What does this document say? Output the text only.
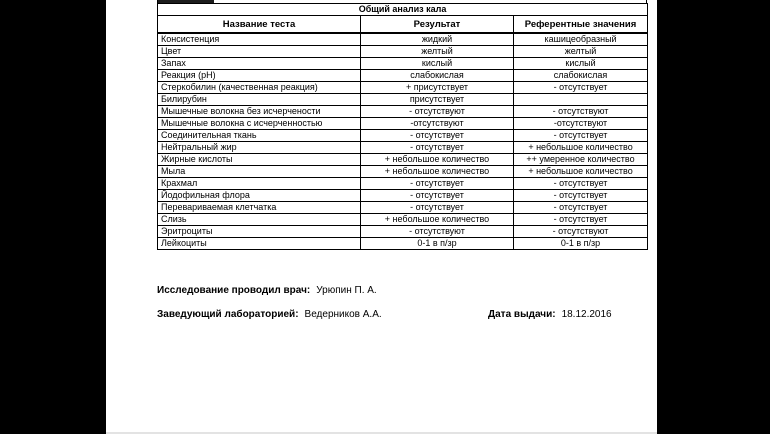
Общий анализ кала		
Название теста	Результат	Референтные значения
Консистенция	жидкий	кашицеобразный
Цвет	желтый	желтый
Запах	кислый	кислый
Реакция (pH)	слабокислая	слабокислая
Стеркобилин (качественная реакция)	+ присутствует	- отсутствует
Билирубин	присутствует	
Мышечные волокна без исчерчености	- отсутствуют	- отсутствуют
Мышечные волокна с исчерченностью	-отсутствуют	-отсутствуют
Соединительная ткань	- отсутствует	- отсутствует
Нейтральный жир	- отсутствует	+ небольшое количество
Жирные кислоты	+ небольшое количество	++ умеренное количество
Мыла	+ небольшое количество	+ небольшое количество
Крахмал	- отсутствует	- отсутствует
Йодофильная флора	- отсутствует	- отсутствует
Перевариваемая клетчатка	- отсутствует	- отсутствует
Слизь	+ небольшое количество	- отсутствует
Эритроциты	- отсутствуют	- отсутствуют
Лейкоциты	0-1 в п/зр	0-1 в п/зр
Исследование проводил врач: Урюпин П. А.
Заведующий лабораторией: Ведерников А.А.	Дата выдачи: 18.12.2016
